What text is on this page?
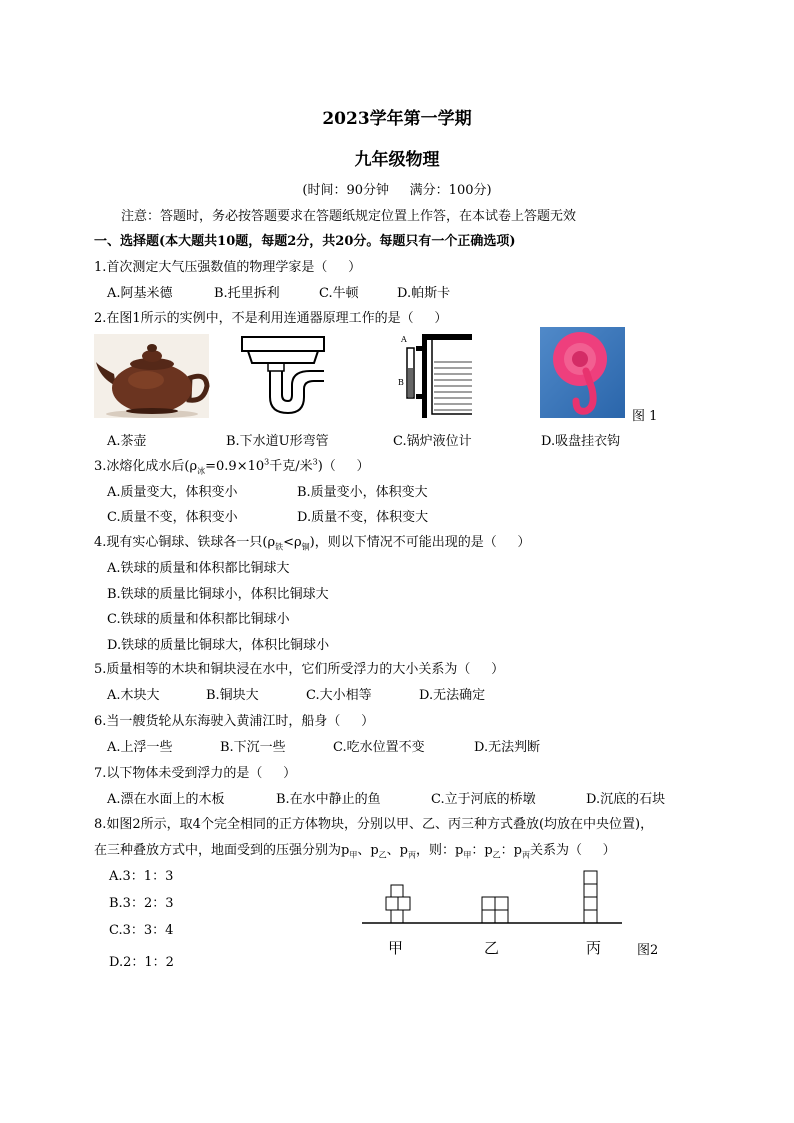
2023学年第一学期
九年级物理
(时间：90分钟     满分：100分)
注意：答题时，务必按答题要求在答题纸规定位置上作答，在本试卷上答题无效
一、选择题(本大题共10题，每题2分，共20分。每题只有一个正确选项)
1.首次测定大气压强数值的物理学家是（     ）
A.阿基米德	B.托里拆利	C.牛顿	D.帕斯卡
2.在图1所示的实例中，不是利用连通器原理工作的是（     ）
A
B
图 1
A.茶壶	B.下水道U形弯管	C.锅炉液位计	D.吸盘挂衣钩
3.冰熔化成水后($\rho_冰=0.9\times 10^3$千克/米$^3$)（     ）
A.质量变大，体积变小	B.质量变小，体积变大
C.质量不变，体积变小	D.质量不变，体积变大
4.现有实心铜球、铁球各一只$(\rho_铁<\rho_铜)$，则以下情况不可能出现的是（     ）
A.铁球的质量和体积都比铜球大
B.铁球的质量比铜球小，体积比铜球大
C.铁球的质量和体积都比铜球小
D.铁球的质量比铜球大，体积比铜球小
5.质量相等的木块和铜块浸在水中，它们所受浮力的大小关系为（     ）
A.木块大	B.铜块大	C.大小相等	D.无法确定
6.当一艘货轮从东海驶入黄浦江时，船身（     ）
A.上浮一些	B.下沉一些	C.吃水位置不变	D.无法判断
7.以下物体未受到浮力的是（     ）
A.漂在水面上的木板	B.在水中静止的鱼	C.立于河底的桥墩	D.沉底的石块
8.如图2所示，取4个完全相同的正方体物块，分别以甲、乙、丙三种方式叠放(均放在中央位置)，
在三种叠放方式中，地面受到的压强分别为$p_甲$、$p_乙$、$p_丙$，则：$p_甲$：$p_乙$：$p_丙$关系为（     ）
A.3：1：3
B.3：2：3
C.3：3：4
D.2：1：2
甲	乙	丙	图2
